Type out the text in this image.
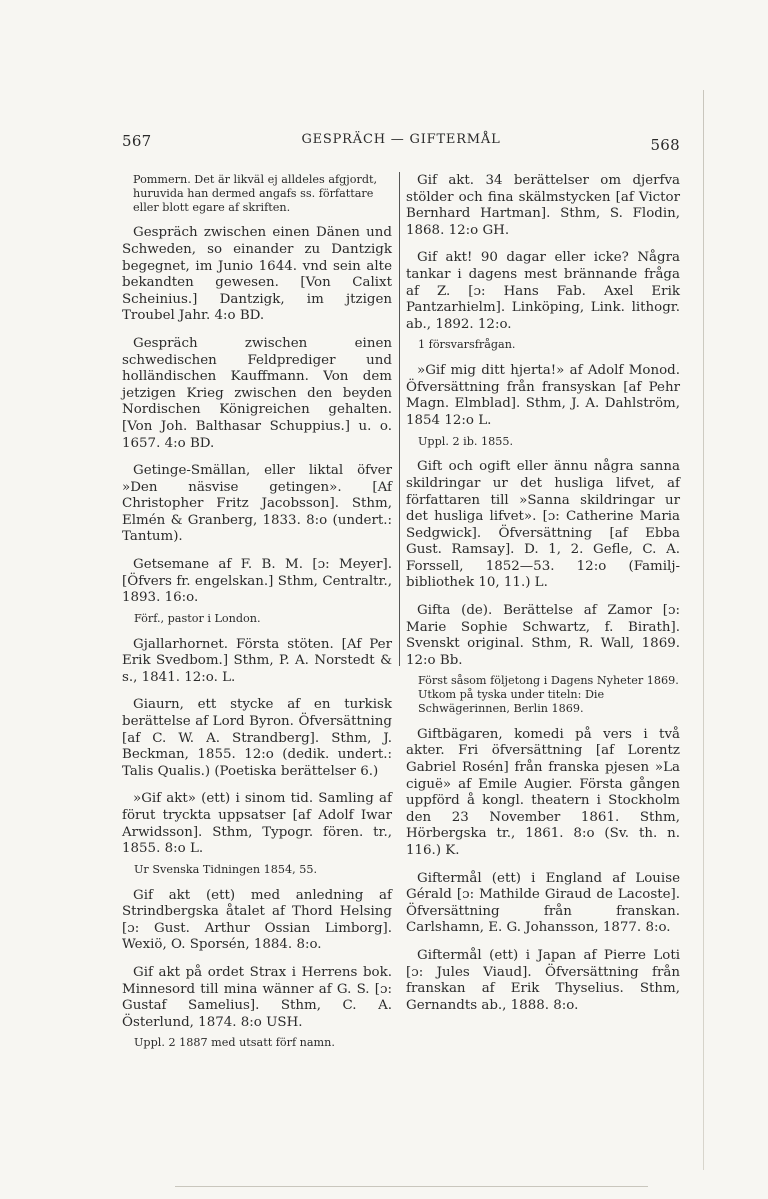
567	GESPRÄCH — GIFTERMÅL	568

Pommern. Det är likväl ej alldeles afgjordt, huruvida han dermed angafs ss. författare eller blott egare af skriften.

Gespräch zwischen einen Dänen und Schweden, so einander zu Dantzigk begegnet, im Junio 1644. vnd sein alte bekandten gewesen. [Von Calixt Scheinius.] Dantzigk, im jtzigen Troubel Jahr. 4:o BD.

Gespräch zwischen einen schwedischen Feldprediger und holländischen Kauffmann. Von dem jetzigen Krieg zwischen den beyden Nordischen Königreichen gehalten. [Von Joh. Balthasar Schuppius.] u. o. 1657. 4:o BD.

Getinge-Smällan, eller liktal öfver »Den näsvise getingen». [Af Christopher Fritz Jacobsson]. Sthm, Elmén & Granberg, 1833. 8:o (undert.: Tantum).

Getsemane af F. B. M. [ɔ: Meyer]. [Öfvers fr. engelskan.] Sthm, Centraltr., 1893. 16:o.

Förf., pastor i London.

Gjallarhornet. Första stöten. [Af Per Erik Svedbom.] Sthm, P. A. Norstedt & s., 1841. 12:o. L.

Giaurn, ett stycke af en turkisk berättelse af Lord Byron. Öfversättning [af C. W. A. Strandberg]. Sthm, J. Beckman, 1855. 12:o (dedik. undert.: Talis Qualis.) (Poetiska berättelser 6.)

»Gif akt» (ett) i sinom tid. Samling af förut tryckta uppsatser [af Adolf Iwar Arwidsson]. Sthm, Typogr. fören. tr., 1855. 8:o L.

Ur Svenska Tidningen 1854, 55.

Gif akt (ett) med anledning af Strindbergska åtalet af Thord Helsing [ɔ: Gust. Arthur Ossian Limborg]. Wexiö, O. Sporsén, 1884. 8:o.

Gif akt på ordet Strax i Herrens bok. Minnesord till mina wänner af G. S. [ɔ: Gustaf Samelius]. Sthm, C. A. Österlund, 1874. 8:o USH.

Uppl. 2 1887 med utsatt förf namn.

Gif akt. 34 berättelser om djerfva stölder och fina skälmstycken [af Victor Bernhard Hartman]. Sthm, S. Flodin, 1868. 12:o GH.

Gif akt! 90 dagar eller icke? Några tankar i dagens mest brännande fråga af Z. [ɔ: Hans Fab. Axel Erik Pantzarhielm]. Linköping, Link. lithogr. ab., 1892. 12:o.

1 försvarsfrågan.

»Gif mig ditt hjerta!» af Adolf Monod. Öfversättning från fransyskan [af Pehr Magn. Elmblad]. Sthm, J. A. Dahlström, 1854 12:o L.

Uppl. 2 ib. 1855.

Gift och ogift eller ännu några sanna skildringar ur det husliga lifvet, af författaren till »Sanna skildringar ur det husliga lifvet». [ɔ: Catherine Maria Sedgwick]. Öfversättning [af Ebba Gust. Ramsay]. D. 1, 2. Gefle, C. A. Forssell, 1852—53. 12:o (Familj-bibliothek 10, 11.) L.

Gifta (de). Berättelse af Zamor [ɔ: Marie Sophie Schwartz, f. Birath]. Svenskt original. Sthm, R. Wall, 1869. 12:o Bb.

Först såsom följetong i Dagens Nyheter 1869. Utkom på tyska under titeln: Die Schwägerinnen, Berlin 1869.

Giftbägaren, komedi på vers i två akter. Fri öfversättning [af Lorentz Gabriel Rosén] från franska pjesen »La ciguë» af Emile Augier. Första gången uppförd å kongl. theatern i Stockholm den 23 November 1861. Sthm, Hörbergska tr., 1861. 8:o (Sv. th. n. 116.) K.

Giftermål (ett) i England af Louise Gérald [ɔ: Mathilde Giraud de Lacoste]. Öfversättning från franskan. Carlshamn, E. G. Johansson, 1877. 8:o.

Giftermål (ett) i Japan af Pierre Loti [ɔ: Jules Viaud]. Öfversättning från franskan af Erik Thyselius. Sthm, Gernandts ab., 1888. 8:o.
